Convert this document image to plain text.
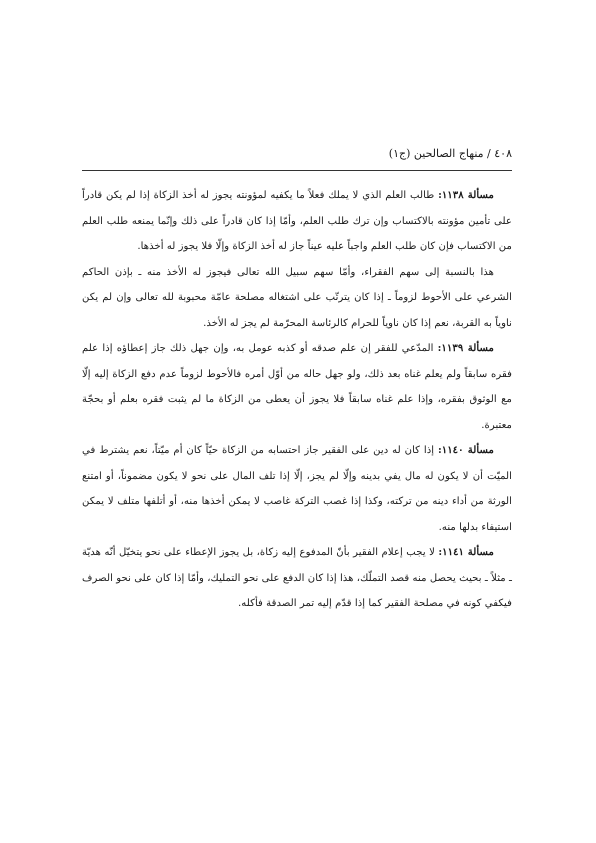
٤٠٨ / منهاج الصالحين (ج١)

مسألة ١١٣٨: طالب العلم الذي لا يملك فعلاً ما يكفيه لمؤونته يجوز له أخذ الزكاة إذا لم يكن قادراً على تأمين مؤونته بالاكتساب وإن ترك طلب العلم، وأمّا إذا كان قادراً على ذلك وإنّما يمنعه طلب العلم من الاكتساب فإن كان طلب العلم واجباً عليه عيناً جاز له أخذ الزكاة وإلّا فلا يجوز له أخذها.

هذا بالنسبة إلى سهم الفقراء، وأمّا سهم سبيل الله تعالى فيجوز له الأخذ منه ـ بإذن الحاكم الشرعي على الأحوط لزوماً ـ إذا كان يترتّب على اشتغاله مصلحة عامّة محبوبة لله تعالى وإن لم يكن ناوياً به القربة، نعم إذا كان ناوياً للحرام كالرئاسة المحرّمة لم يجز له الأخذ.

مسألة ١١٣٩: المدّعي للفقر إن علم صدقه أو كذبه عومل به، وإن جهل ذلك جاز إعطاؤه إذا علم فقره سابقاً ولم يعلم غناه بعد ذلك، ولو جهل حاله من أوّل أمره فالأحوط لزوماً عدم دفع الزكاة إليه إلّا مع الوثوق بفقره، وإذا علم غناه سابقاً فلا يجوز أن يعطى من الزكاة ما لم يثبت فقره بعلم أو بحجّة معتبرة.

مسألة ١١٤٠: إذا كان له دين على الفقير جاز احتسابه من الزكاة حيّاً كان أم ميّتاً، نعم يشترط في الميّت أن لا يكون له مال يفي بدينه وإلّا لم يجز، إلّا إذا تلف المال على نحو لا يكون مضموناً، أو امتنع الورثة من أداء دينه من تركته، وكذا إذا غصب التركة غاصب لا يمكن أخذها منه، أو أتلفها متلف لا يمكن استيفاء بدلها منه.

مسألة ١١٤١: لا يجب إعلام الفقير بأنّ المدفوع إليه زكاة، بل يجوز الإعطاء على نحو يتخيّل أنّه هديّة ـ مثلاً ـ بحيث يحصل منه قصد التملّك، هذا إذا كان الدفع على نحو التمليك، وأمّا إذا كان على نحو الصرف فيكفي كونه في مصلحة الفقير كما إذا قدّم إليه تمر الصدقة فأكله.
